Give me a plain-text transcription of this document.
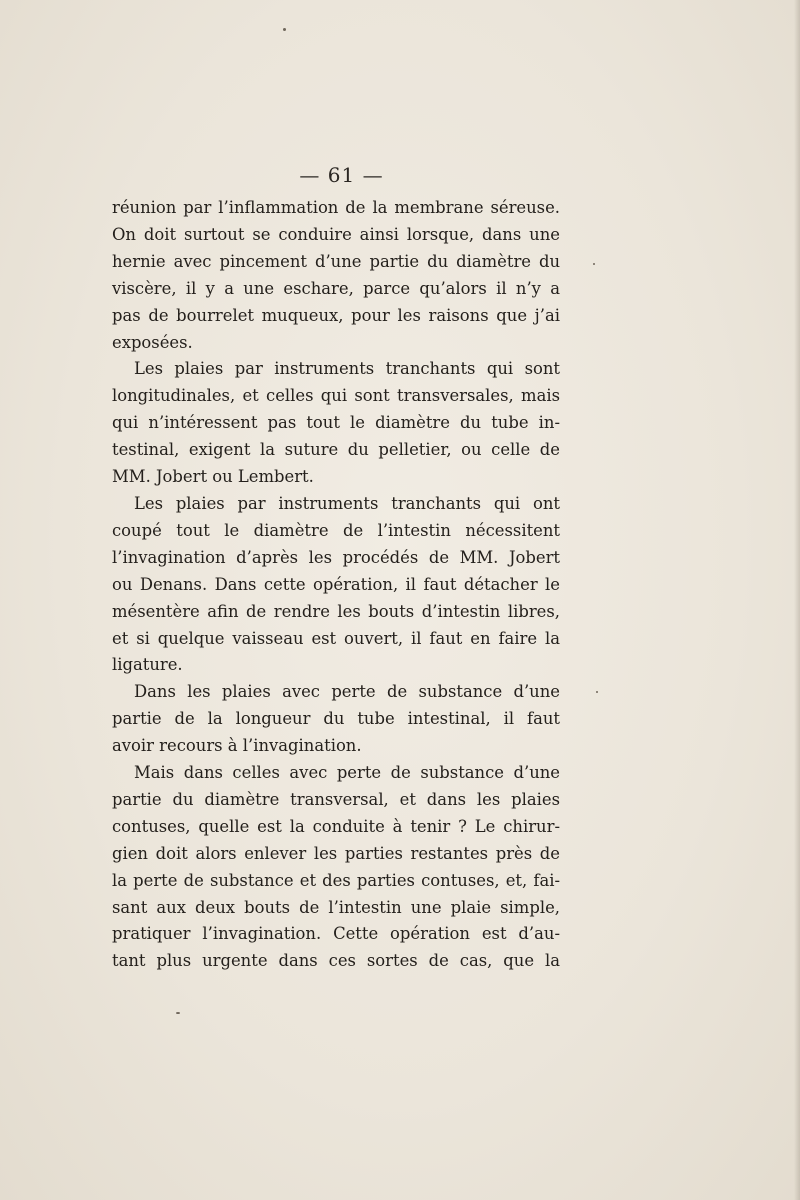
— 61 —
réunion par l’inflammation de la membrane séreuse.
On doit surtout se conduire ainsi lorsque, dans une
hernie avec pincement d’une partie du diamètre du
viscère, il y a une eschare, parce qu’alors il n’y a
pas de bourrelet muqueux, pour les raisons que j’ai
exposées.
Les plaies par instruments tranchants qui sont
longitudinales, et celles qui sont transversales, mais
qui n’intéressent pas tout le diamètre du tube in-
testinal, exigent la suture du pelletier, ou celle de
MM. Jobert ou Lembert.
Les plaies par instruments tranchants qui ont
coupé tout le diamètre de l’intestin nécessitent
l’invagination d’après les procédés de MM. Jobert
ou Denans. Dans cette opération, il faut détacher le
mésentère afin de rendre les bouts d’intestin libres,
et si quelque vaisseau est ouvert, il faut en faire la
ligature.
Dans les plaies avec perte de substance d’une
partie de la longueur du tube intestinal, il faut
avoir recours à l’invagination.
Mais dans celles avec perte de substance d’une
partie du diamètre transversal, et dans les plaies
contuses, quelle est la conduite à tenir ? Le chirur-
gien doit alors enlever les parties restantes près de
la perte de substance et des parties contuses, et, fai-
sant aux deux bouts de l’intestin une plaie simple,
pratiquer l’invagination. Cette opération est d’au-
tant plus urgente dans ces sortes de cas, que la
